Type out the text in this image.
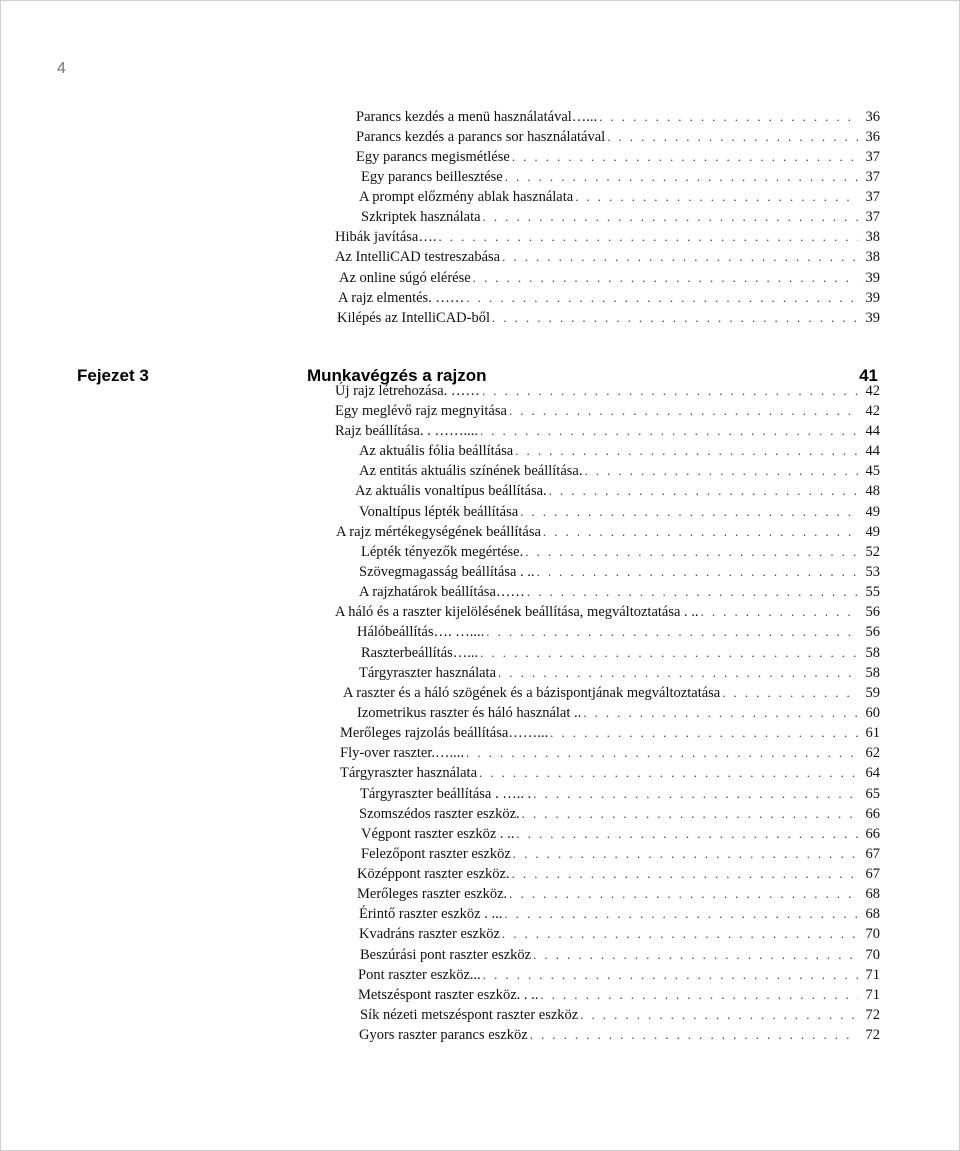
4
Parancs kezdés a menü használatával…... . . .	36
Parancs kezdés a parancs sor használatával . . .	36
Egy parancs megismétlése . . .	37
Egy parancs beillesztése . . .	37
A prompt előzmény ablak használata . . .	37
Szkriptek használata . . .	37
Hibák javítása…. . . .	38
Az IntelliCAD testreszabása . . .	38
Az online súgó elérése . . .	39
A rajz elmentés. …… . . .	39
Kilépés az IntelliCAD-ből . . .	39
Fejezet 3	Munkavégzés a rajzon	41
Új rajz létrehozása. …… . . .	42
Egy meglévő rajz megnyitása . . .	42
Rajz beállítása. . …….... . . .	44
Az aktuális fólia beállítása . . .	44
Az entitás aktuális színének beállítása. . . .	45
Az aktuális vonaltípus beállítása. . . .	48
Vonaltípus lépték beállítása . . .	49
A rajz mértékegységének beállítása . . .	49
Lépték tényezők megértése. . . .	52
Szövegmagasság beállítása . .. . . .	53
A rajzhatárok beállítása…… . . .	55
A háló és a raszter kijelölésének beállítása, megváltoztatása . .. . . .	56
Hálóbeállítás…. ….... . . .	56
Raszterbeállítás…... . . .	58
Tárgyraszter használata . . .	58
A raszter és a háló szögének és a bázispontjának megváltoztatása . . .	59
Izometrikus raszter és háló használat .. . . .	60
Merőleges rajzolás beállítása……... . . .	61
Fly-over raszter.….... . . .	62
Tárgyraszter használata . . .	64
Tárgyraszter beállítása . ….. . . . .	65
Szomszédos raszter eszköz. . . .	66
Végpont raszter eszköz . .. . . .	66
Felezőpont raszter eszköz . . .	67
Középpont raszter eszköz. . . .	67
Merőleges raszter eszköz. . . .	68
Érintő raszter eszköz . ... . . .	68
Kvadráns raszter eszköz . . .	70
Beszúrási pont raszter eszköz . . .	70
Pont raszter eszköz... . . .	71
Metszéspont raszter eszköz. . .. . . .	71
Sík nézeti metszéspont raszter eszköz . . .	72
Gyors raszter parancs eszköz . . .	72
